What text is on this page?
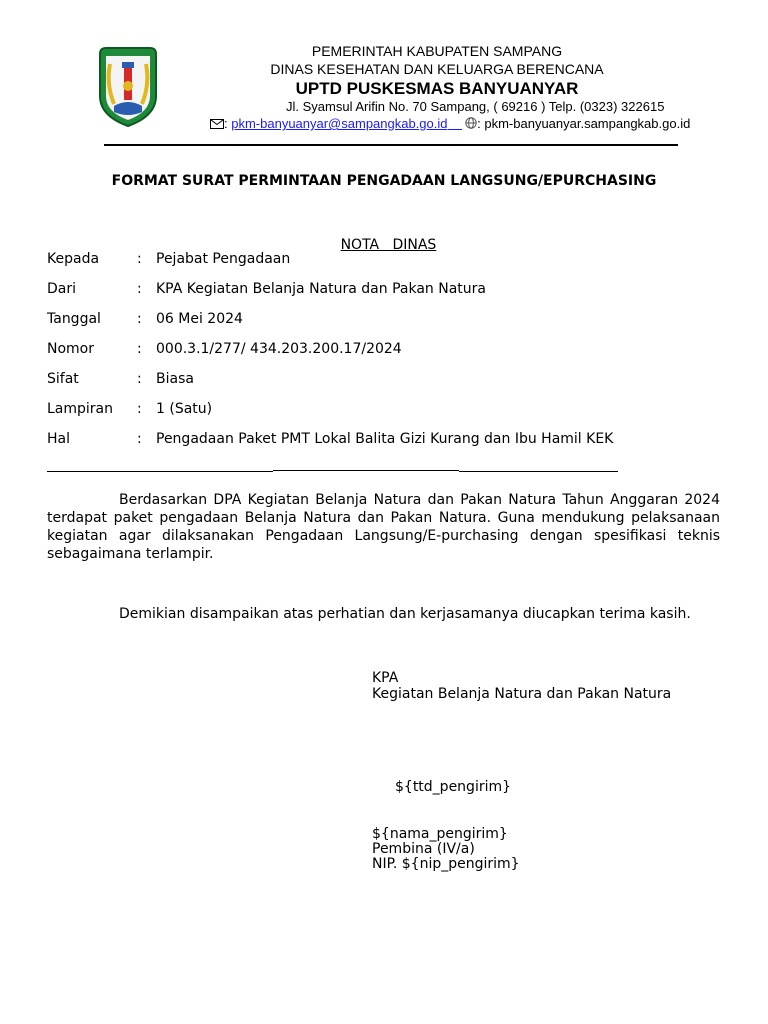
PEMERINTAH KABUPATEN SAMPANG
DINAS KESEHATAN DAN KELUARGA BERENCANA
UPTD PUSKESMAS BANYUANYAR
Jl. Syamsul Arifin No. 70 Sampang, ( 69216 ) Telp. (0323) 322615
: pkm-banyuanyar@sampangkab.go.id : pkm-banyuanyar.sampangkab.go.id
FORMAT SURAT PERMINTAAN PENGADAAN LANGSUNG/EPURCHASING

NOTA   DINAS

Kepada	: Pejabat Pengadaan
Dari	: KPA Kegiatan Belanja Natura dan Pakan Natura
Tanggal	: 06 Mei 2024
Nomor	: 000.3.1/277/ 434.203.200.17/2024
Sifat	: Biasa
Lampiran : 1 (Satu)
Hal	: Pengadaan Paket PMT Lokal Balita Gizi Kurang dan Ibu Hamil KEK
Berdasarkan DPA Kegiatan Belanja Natura dan Pakan Natura Tahun Anggaran 2024 terdapat paket pengadaan Belanja Natura dan Pakan Natura. Guna mendukung pelaksanaan kegiatan agar dilaksanakan Pengadaan Langsung/E-purchasing dengan spesifikasi teknis sebagaimana terlampir.
Demikian disampaikan atas perhatian dan kerjasamanya diucapkan terima kasih.
KPA
Kegiatan Belanja Natura dan Pakan Natura
${ttd_pengirim}
${nama_pengirim}
Pembina (IV/a)
NIP. ${nip_pengirim}
